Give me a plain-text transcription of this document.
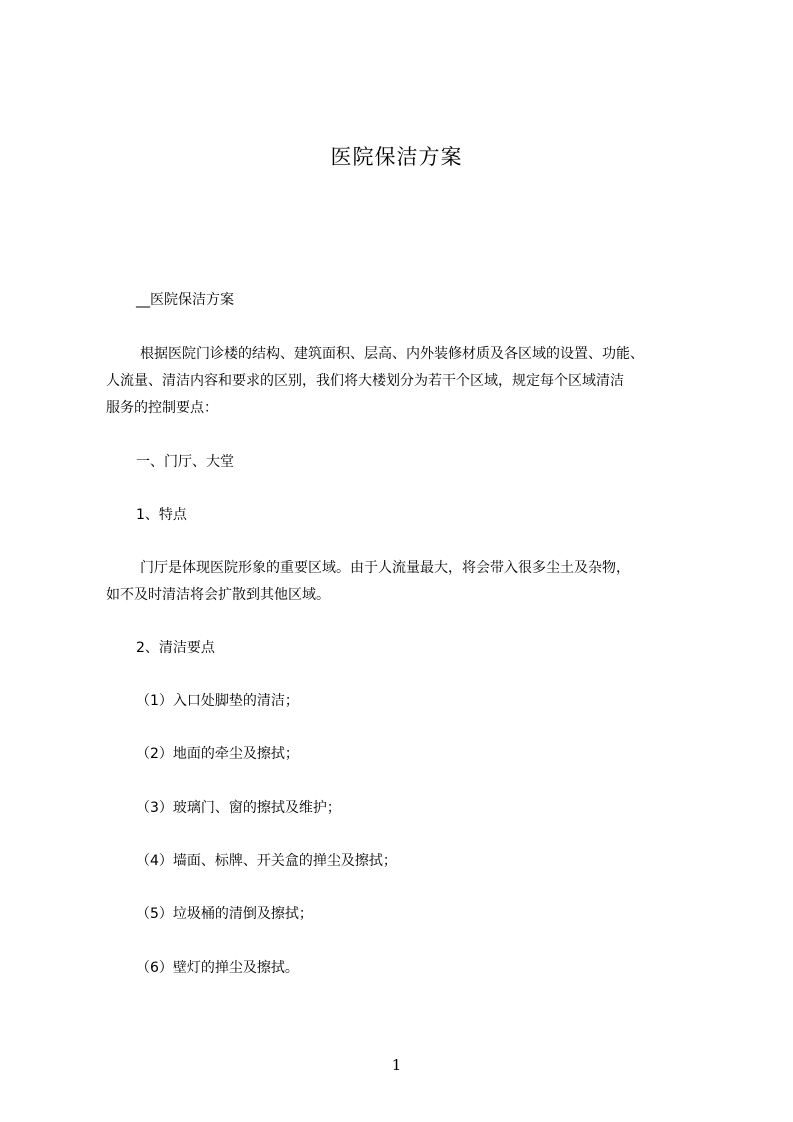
医院保洁方案
__医院保洁方案
根据医院门诊楼的结构、建筑面积、层高、内外装修材质及各区域的设置、功能、
人流量、清洁内容和要求的区别，我们将大楼划分为若干个区域，规定每个区域清洁
服务的控制要点：
一、门厅、大堂
1、特点
门厅是体现医院形象的重要区域。由于人流量最大，将会带入很多尘土及杂物，
如不及时清洁将会扩散到其他区域。
2、清洁要点
（1）入口处脚垫的清洁；
（2）地面的牵尘及擦拭；
（3）玻璃门、窗的擦拭及维护；
（4）墙面、标牌、开关盒的掸尘及擦拭；
（5）垃圾桶的清倒及擦拭；
（6）壁灯的掸尘及擦拭。
1
